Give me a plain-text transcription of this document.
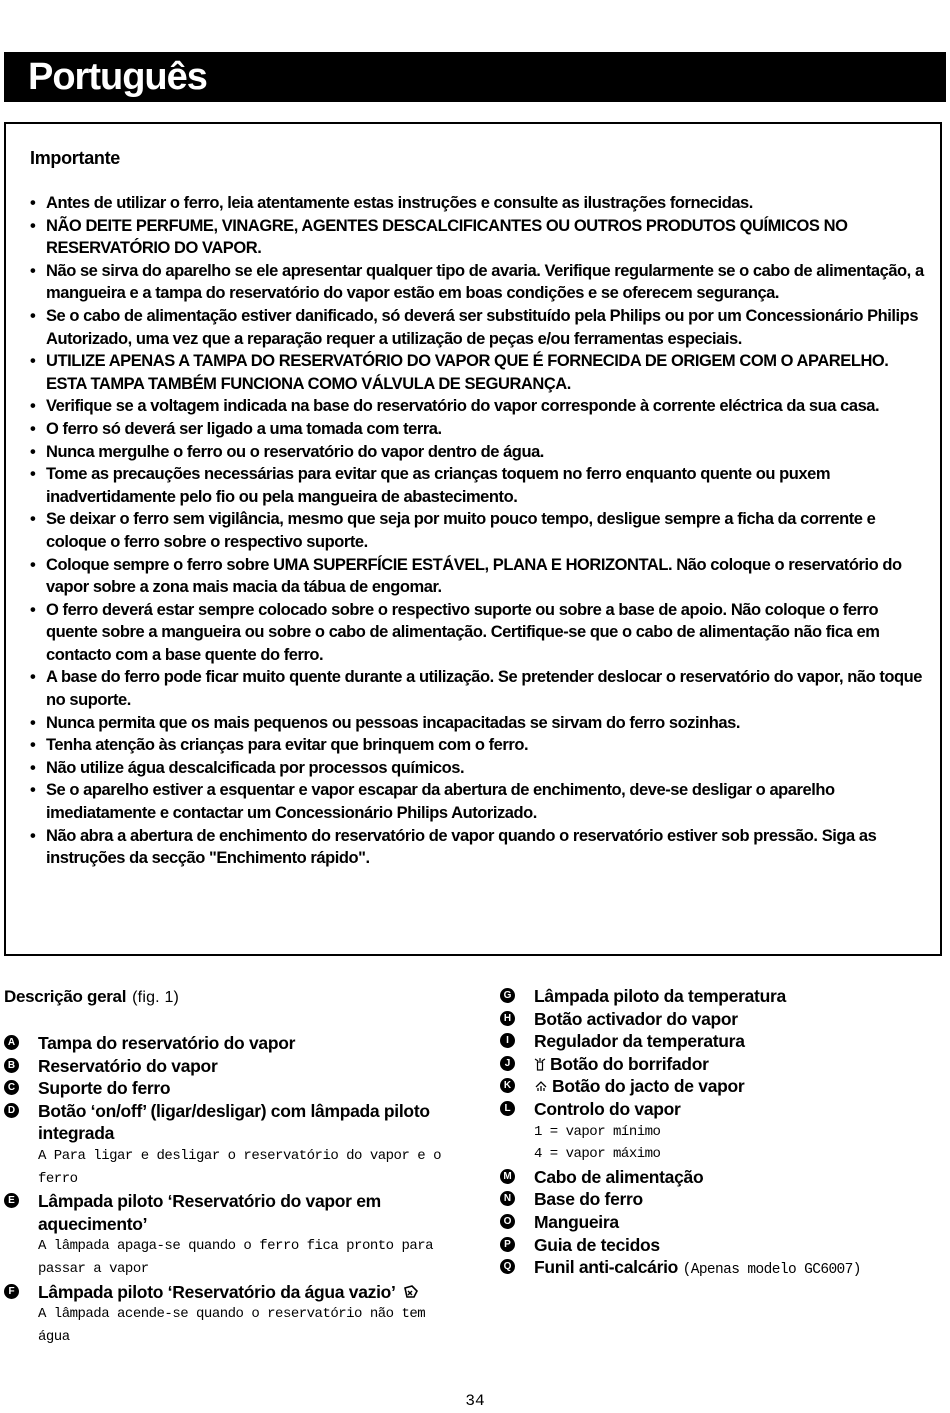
Português
Importante
• Antes de utilizar o ferro, leia atentamente estas instruções e consulte as ilustrações fornecidas.
• NÃO DEITE PERFUME, VINAGRE, AGENTES DESCALCIFICANTES OU OUTROS PRODUTOS QUÍMICOS NO RESERVATÓRIO DO VAPOR.
• Não se sirva do aparelho se ele apresentar qualquer tipo de avaria. Verifique regularmente se o cabo de alimentação, a mangueira e a tampa do reservatório do vapor estão em boas condições e se oferecem segurança.
• Se o cabo de alimentação estiver danificado, só deverá ser substituído pela Philips ou por um Concessionário Philips Autorizado, uma vez que a reparação requer a utilização de peças e/ou ferramentas especiais.
• UTILIZE APENAS A TAMPA DO RESERVATÓRIO DO VAPOR QUE É FORNECIDA DE ORIGEM COM O APARELHO. ESTA TAMPA TAMBÉM FUNCIONA COMO VÁLVULA DE SEGURANÇA.
• Verifique se a voltagem indicada na base do reservatório do vapor corresponde à corrente eléctrica da sua casa.
• O ferro só deverá ser ligado a uma tomada com terra.
• Nunca mergulhe o ferro ou o reservatório do vapor dentro de água.
• Tome as precauções necessárias para evitar que as crianças toquem no ferro enquanto quente ou puxem inadvertidamente pelo fio ou pela mangueira de abastecimento.
• Se deixar o ferro sem vigilância, mesmo que seja por muito pouco tempo, desligue sempre a ficha da corrente e coloque o ferro sobre o respectivo suporte.
• Coloque sempre o ferro sobre UMA SUPERFÍCIE ESTÁVEL, PLANA E HORIZONTAL. Não coloque o reservatório do vapor sobre a zona mais macia da tábua de engomar.
• O ferro deverá estar sempre colocado sobre o respectivo suporte ou sobre a base de apoio. Não coloque o ferro quente sobre a mangueira ou sobre o cabo de alimentação. Certifique-se que o cabo de alimentação não fica em contacto com a base quente do ferro.
• A base do ferro pode ficar muito quente durante a utilização. Se pretender deslocar o reservatório do vapor, não toque no suporte.
• Nunca permita que os mais pequenos ou pessoas incapacitadas se sirvam do ferro sozinhas.
• Tenha atenção às crianças para evitar que brinquem com o ferro.
• Não utilize água descalcificada por processos químicos.
• Se o aparelho estiver a esquentar e vapor escapar da abertura de enchimento, deve-se desligar o aparelho imediatamente e contactar um Concessionário Philips Autorizado.
• Não abra a abertura de enchimento do reservatório de vapor quando o reservatório estiver sob pressão. Siga as instruções da secção "Enchimento rápido".
Descrição geral (fig. 1)
A Tampa do reservatório do vapor
B Reservatório do vapor
C Suporte do ferro
D Botão ‘on/off’ (ligar/desligar) com lâmpada piloto integrada
A Para ligar e desligar o reservatório do vapor e o ferro
E Lâmpada piloto ‘Reservatório do vapor em aquecimento’
A lâmpada apaga-se quando o ferro fica pronto para passar a vapor
F Lâmpada piloto ‘Reservatório da água vazio’
A lâmpada acende-se quando o reservatório não tem água
G Lâmpada piloto da temperatura
H Botão activador do vapor
I	Regulador da temperatura
J	Botão do borrifador
K	Botão do jacto de vapor
L Controlo do vapor
1 = vapor mínimo
4 = vapor máximo
M Cabo de alimentação
N Base do ferro
O Mangueira
P Guia de tecidos
Q Funil anti-calcário (Apenas modelo GC6007)
34
